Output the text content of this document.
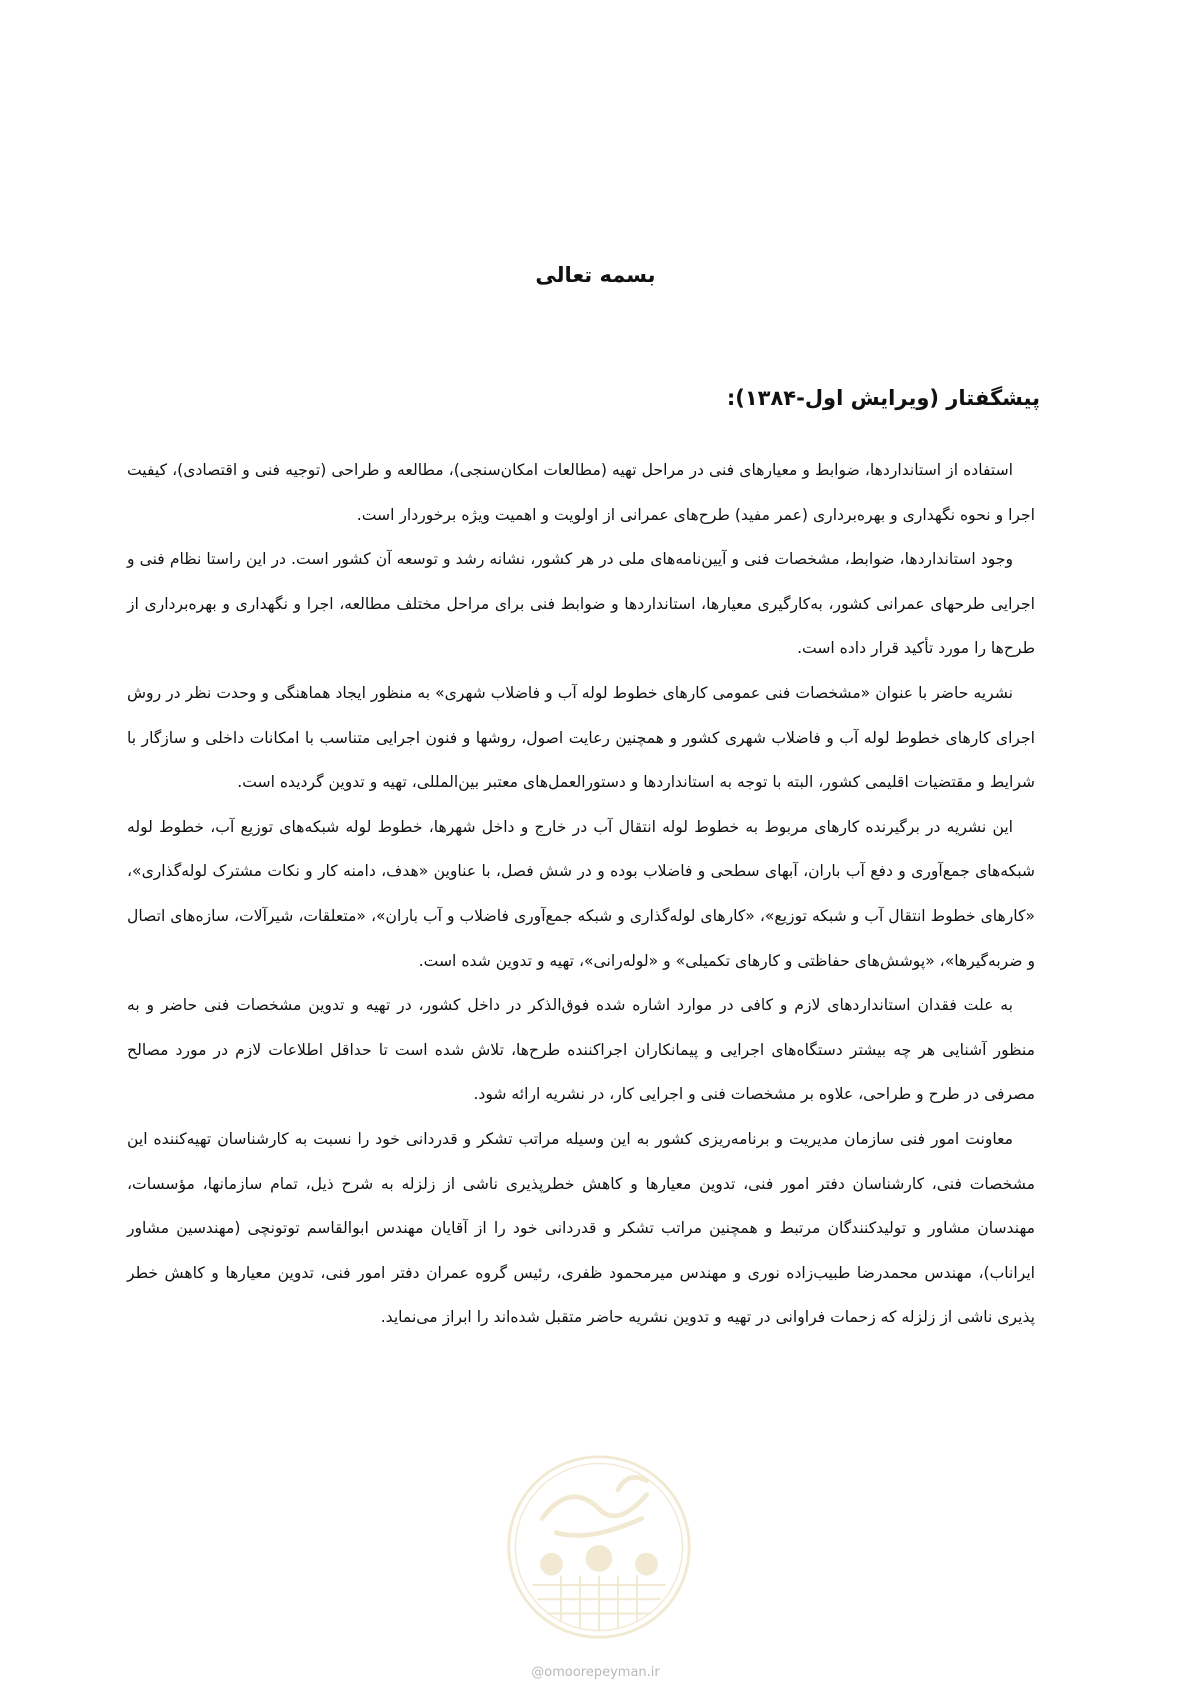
بسمه تعالی
پیشگفتار (ویرایش اول-۱۳۸۴):

استفاده از استانداردها، ضوابط و معیارهای فنی در مراحل تهیه (مطالعات امکان‌سنجی)، مطالعه و طراحی (توجیه فنی و اقتصادی)، کیفیت اجرا و نحوه نگهداری و بهره‌برداری (عمر مفید) طرح‌های عمرانی از اولویت و اهمیت ویژه برخوردار است.

وجود استانداردها، ضوابط، مشخصات فنی و آیین‌نامه‌های ملی در هر کشور، نشانه رشد و توسعه آن کشور است. در این راستا نظام فنی و اجرایی طرحهای عمرانی کشور، به‌کارگیری معیارها، استانداردها و ضوابط فنی برای مراحل مختلف مطالعه، اجرا و نگهداری و بهره‌برداری از طرح‌ها را مورد تأکید قرار داده است.

نشریه حاضر با عنوان «مشخصات فنی عمومی کارهای خطوط لوله آب و فاضلاب شهری» به منظور ایجاد هماهنگی و وحدت نظر در روش اجرای کارهای خطوط لوله آب و فاضلاب شهری کشور و همچنین رعایت اصول، روشها و فنون اجرایی متناسب با امکانات داخلی و سازگار با شرایط و مقتضیات اقلیمی کشور، البته با توجه به استانداردها و دستورالعمل‌های معتبر بین‌المللی، تهیه و تدوین گردیده است.

این نشریه در برگیرنده کارهای مربوط به خطوط لوله انتقال آب در خارج و داخل شهرها، خطوط لوله شبکه‌های توزیع آب، خطوط لوله شبکه‌های جمع‌آوری و دفع آب باران، آبهای سطحی و فاضلاب بوده و در شش فصل، با عناوین «هدف، دامنه کار و نکات مشترک لوله‌گذاری»، «کارهای خطوط انتقال آب و شبکه توزیع»، «کارهای لوله‌گذاری و شبکه جمع‌آوری فاضلاب و آب باران»، «متعلقات، شیرآلات، سازه‌های اتصال و ضربه‌گیرها»، «پوشش‌های حفاظتی و کارهای تکمیلی» و «لوله‌رانی»، تهیه و تدوین شده است.

به علت فقدان استانداردهای لازم و کافی در موارد اشاره شده فوق‌الذکر در داخل کشور، در تهیه و تدوین مشخصات فنی حاضر و به منظور آشنایی هر چه بیشتر دستگاه‌های اجرایی و پیمانکاران اجراکننده طرح‌ها، تلاش شده است تا حداقل اطلاعات لازم در مورد مصالح مصرفی در طرح و طراحی، علاوه بر مشخصات فنی و اجرایی کار، در نشریه ارائه شود.

معاونت امور فنی سازمان مدیریت و برنامه‌ریزی کشور به این وسیله مراتب تشکر و قدردانی خود را نسبت به کارشناسان تهیه‌کننده این مشخصات فنی، کارشناسان دفتر امور فنی، تدوین معیارها و کاهش خطرپذیری ناشی از زلزله به شرح ذیل، تمام سازمانها، مؤسسات، مهندسان مشاور و تولیدکنندگان مرتبط و همچنین مراتب تشکر و قدردانی خود را از آقایان مهندس ابوالقاسم توتونچی (مهندسین مشاور ایراناب)، مهندس محمدرضا طبیب‌زاده نوری و مهندس میرمحمود ظفری، رئیس گروه عمران دفتر امور فنی، تدوین معیارها و کاهش خطر پذیری ناشی از زلزله که زحمات فراوانی در تهیه و تدوین نشریه حاضر متقبل شده‌اند را ابراز می‌نماید.

@omoorepeyman.ir
